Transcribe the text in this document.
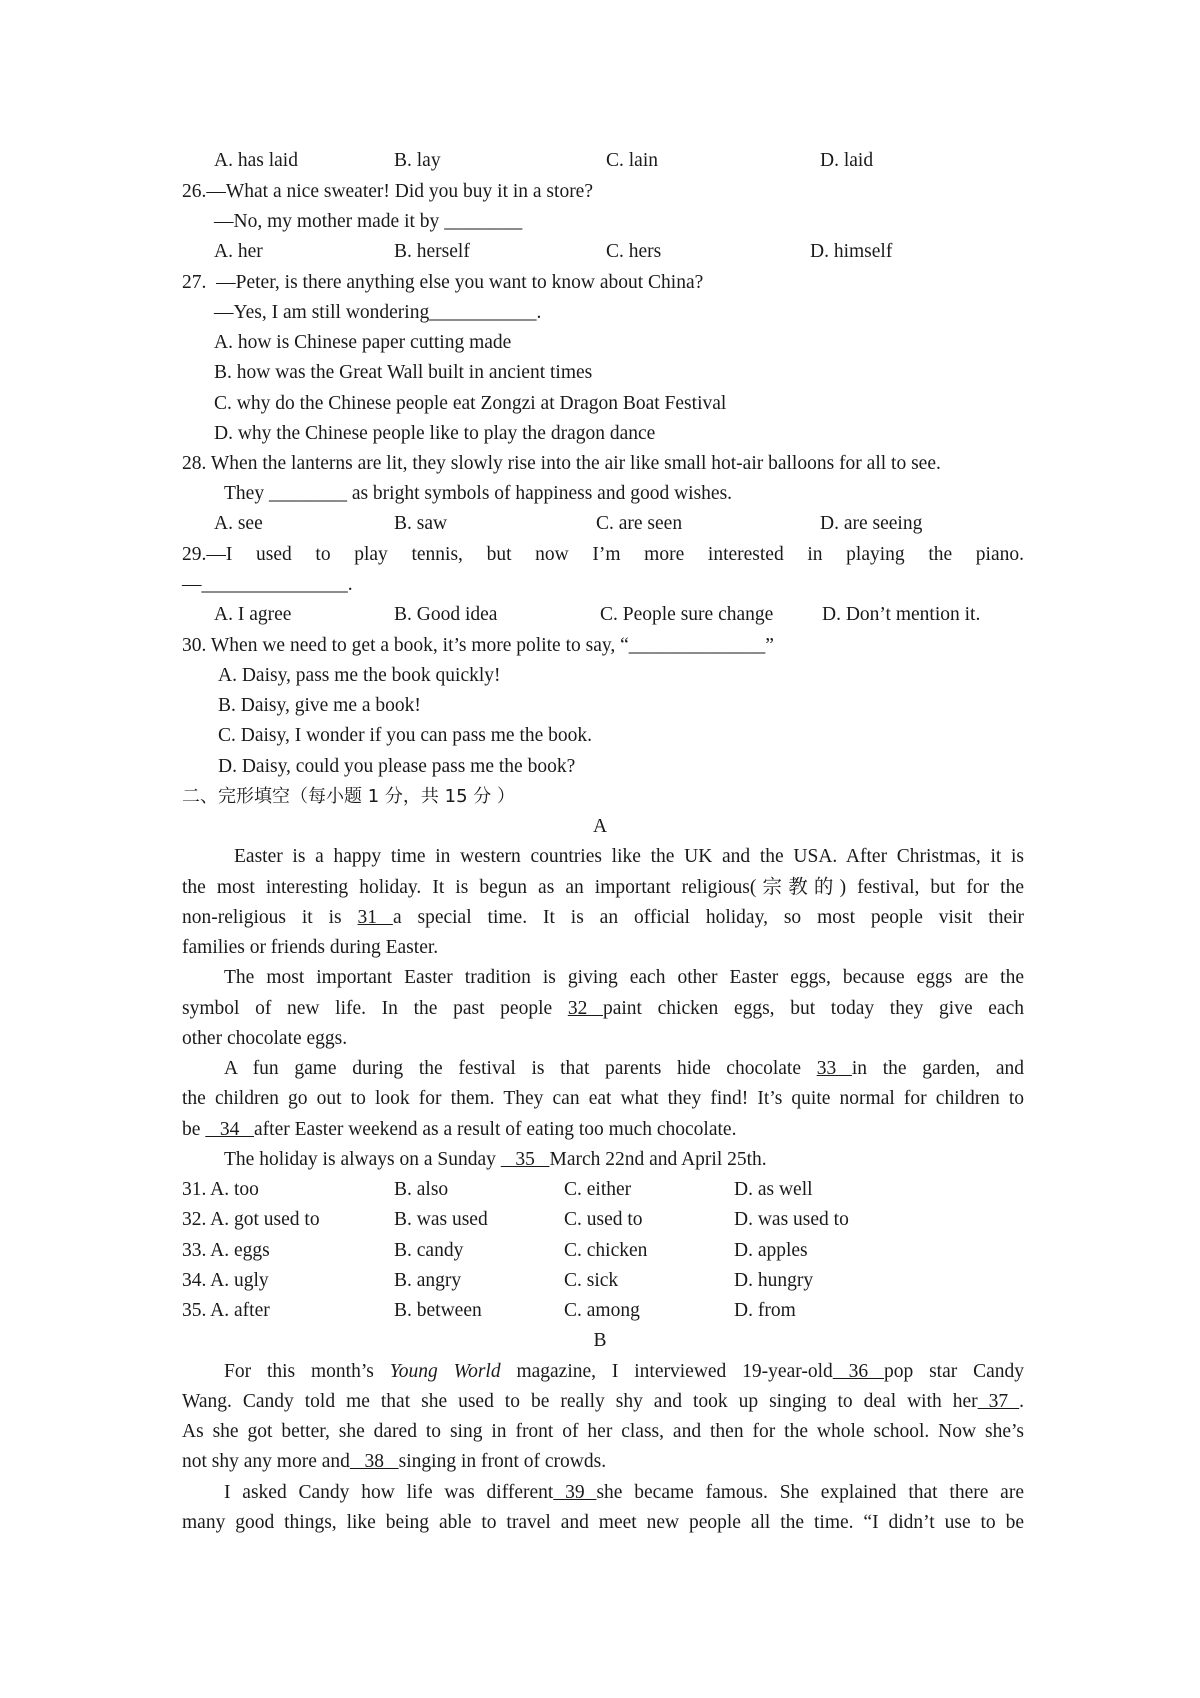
A. has laid	B. lay	C. lain	D. laid
26.—What a nice sweater! Did you buy it in a store?
—No, my mother made it by ________
A. her	B. herself	C. hers	D. himself
27.  —Peter, is there anything else you want to know about China?
—Yes, I am still wondering___________.
A. how is Chinese paper cutting made
B. how was the Great Wall built in ancient times
C. why do the Chinese people eat Zongzi at Dragon Boat Festival
D. why the Chinese people like to play the dragon dance
28. When the lanterns are lit, they slowly rise into the air like small hot-air balloons for all to see.
They ________ as bright symbols of happiness and good wishes.
A. see	B. saw	C. are seen	D. are seeing
29.—I used to play tennis, but now I’m more interested in playing the piano.
—_______________.
A. I agree	B. Good idea	C. People sure change D. Don’t mention it.
30. When we need to get a book, it’s more polite to say, “______________”
A. Daisy, pass me the book quickly!
B. Daisy, give me a book!
C. Daisy, I wonder if you can pass me the book.
D. Daisy, could you please pass me the book?
二、完形填空（每小题 1 分，共 15 分 ）
A
Easter is a happy time in western countries like the UK and the USA. After Christmas, it is
the most interesting holiday. It is begun as an important religious(宗教的) festival, but for the
non-religious it is 31 a special time. It is an official holiday, so most people visit their
families or friends during Easter.
The most important Easter tradition is giving each other Easter eggs, because eggs are the
symbol of new life. In the past people 32 paint chicken eggs, but today they give each
other chocolate eggs.
A fun game during the festival is that parents hide chocolate 33 in the garden, and
the children go out to look for them. They can eat what they find! It’s quite normal for children to
be    34   after Easter weekend as a result of eating too much chocolate.
The holiday is always on a Sunday    35   March 22nd and April 25th.
31. A. too	B. also	C. either	D. as well
32. A. got used to	B. was used	C. used to	D. was used to
33. A. eggs	B. candy	C. chicken	D. apples
34. A. ugly	B. angry	C. sick	D. hungry
35. A. after	B. between	C. among	D. from
B
For this month’s Young World magazine, I interviewed 19-year-old 36 pop star Candy
Wang. Candy told me that she used to be really shy and took up singing to deal with her 37 .
As she got better, she dared to sing in front of her class, and then for the whole school. Now she’s
not shy any more and   38   singing in front of crowds.
I asked Candy how life was different 39 she became famous. She explained that there are
many good things, like being able to travel and meet new people all the time. “I didn’t use to be
